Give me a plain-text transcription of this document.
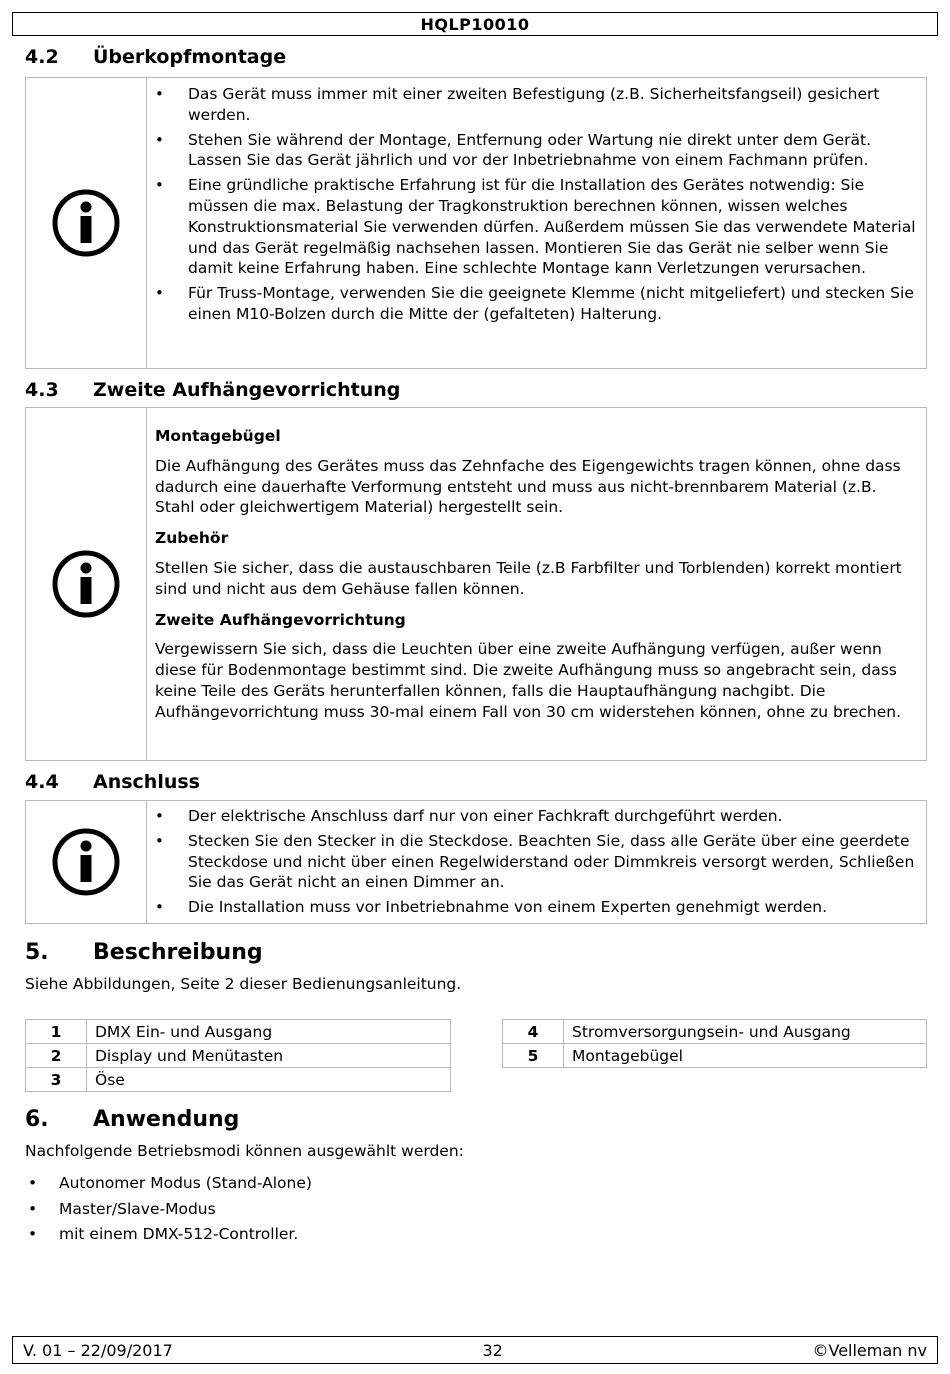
HQLP10010
4.2	Überkopfmontage
• Das Gerät muss immer mit einer zweiten Befestigung (z.B. Sicherheitsfangseil) gesichert werden.
• Stehen Sie während der Montage, Entfernung oder Wartung nie direkt unter dem Gerät. Lassen Sie das Gerät jährlich und vor der Inbetriebnahme von einem Fachmann prüfen.
• Eine gründliche praktische Erfahrung ist für die Installation des Gerätes notwendig: Sie müssen die max. Belastung der Tragkonstruktion berechnen können, wissen welches Konstruktionsmaterial Sie verwenden dürfen. Außerdem müssen Sie das verwendete Material und das Gerät regelmäßig nachsehen lassen. Montieren Sie das Gerät nie selber wenn Sie damit keine Erfahrung haben. Eine schlechte Montage kann Verletzungen verursachen.
• Für Truss-Montage, verwenden Sie die geeignete Klemme (nicht mitgeliefert) und stecken Sie einen M10-Bolzen durch die Mitte der (gefalteten) Halterung.
4.3	Zweite Aufhängevorrichtung
Montagebügel
Die Aufhängung des Gerätes muss das Zehnfache des Eigengewichts tragen können, ohne dass dadurch eine dauerhafte Verformung entsteht und muss aus nicht-brennbarem Material (z.B. Stahl oder gleichwertigem Material) hergestellt sein.
Zubehör
Stellen Sie sicher, dass die austauschbaren Teile (z.B Farbfilter und Torblenden) korrekt montiert sind und nicht aus dem Gehäuse fallen können.
Zweite Aufhängevorrichtung
Vergewissern Sie sich, dass die Leuchten über eine zweite Aufhängung verfügen, außer wenn diese für Bodenmontage bestimmt sind. Die zweite Aufhängung muss so angebracht sein, dass keine Teile des Geräts herunterfallen können, falls die Hauptaufhängung nachgibt. Die Aufhängevorrichtung muss 30-mal einem Fall von 30 cm widerstehen können, ohne zu brechen.
4.4	Anschluss
• Der elektrische Anschluss darf nur von einer Fachkraft durchgeführt werden.
• Stecken Sie den Stecker in die Steckdose. Beachten Sie, dass alle Geräte über eine geerdete Steckdose und nicht über einen Regelwiderstand oder Dimmkreis versorgt werden, Schließen Sie das Gerät nicht an einen Dimmer an.
• Die Installation muss vor Inbetriebnahme von einem Experten genehmigt werden.
5.	Beschreibung
Siehe Abbildungen, Seite 2 dieser Bedienungsanleitung.
1	DMX Ein- und Ausgang
2	Display und Menütasten
3	Öse
4	Stromversorgungsein- und Ausgang
5	Montagebügel
6.	Anwendung
Nachfolgende Betriebsmodi können ausgewählt werden:
• Autonomer Modus (Stand-Alone)
• Master/Slave-Modus
• mit einem DMX-512-Controller.
V. 01 – 22/09/2017	32	©Velleman nv
